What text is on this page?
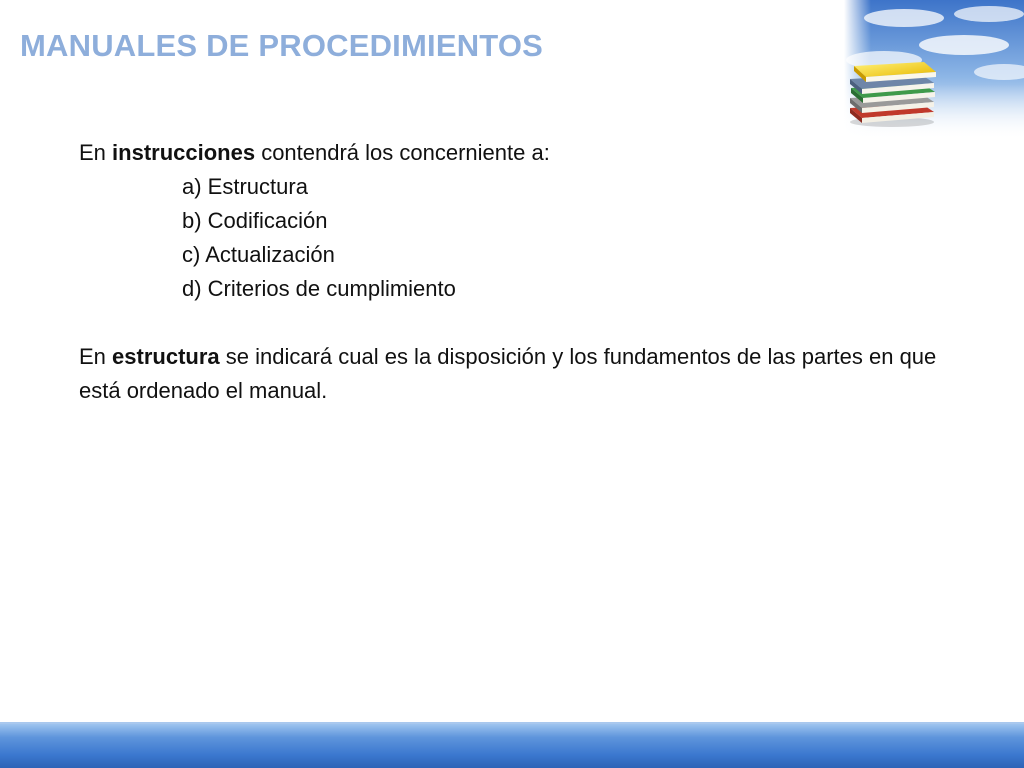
MANUALES DE PROCEDIMIENTOS

En instrucciones contendrá los concerniente a:

a) Estructura

b) Codificación

c) Actualización

d) Criterios de cumplimiento

En estructura se indicará cual es la disposición y los fundamentos de las partes en que está ordenado el manual.
